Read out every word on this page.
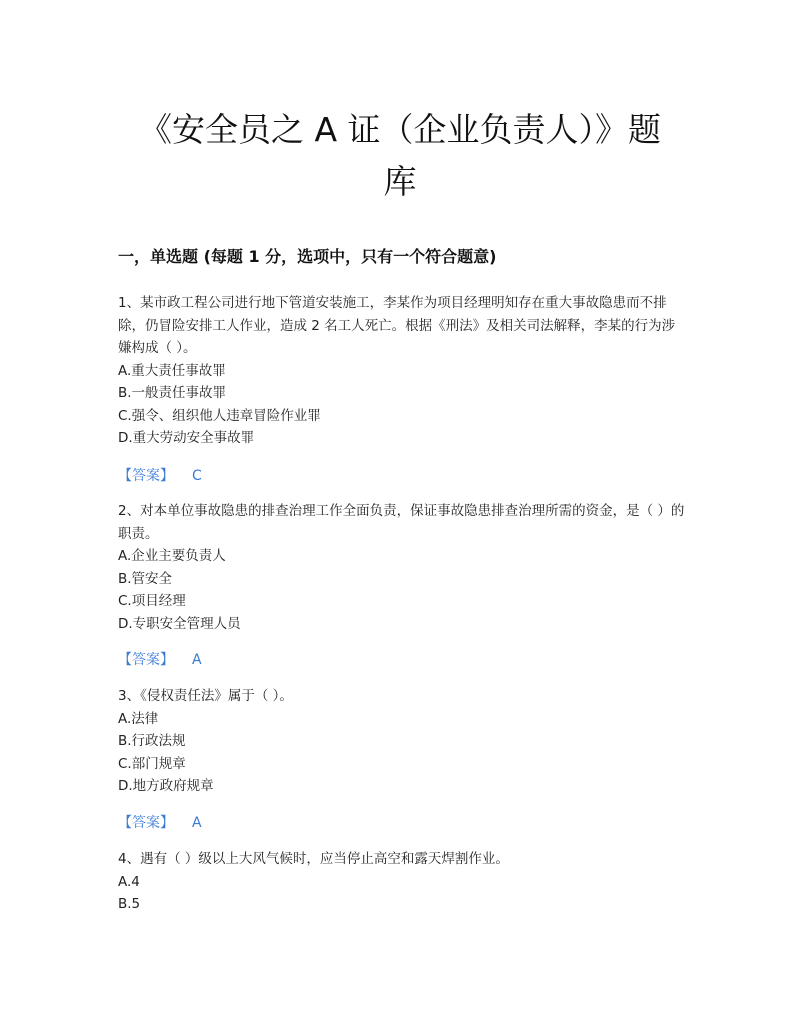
《安全员之 A 证（企业负责人）》题
库
一，单选题 (每题 1 分，选项中，只有一个符合题意)

1、某市政工程公司进行地下管道安装施工，李某作为项目经理明知存在重大事故隐患而不排除，仍冒险安排工人作业，造成 2 名工人死亡。根据《刑法》及相关司法解释，李某的行为涉嫌构成（ ）。

A.重大责任事故罪
B.一般责任事故罪
C.强令、组织他人违章冒险作业罪
D.重大劳动安全事故罪
【答案】 C

2、对本单位事故隐患的排查治理工作全面负责，保证事故隐患排查治理所需的资金，是（ ）的职责。

A.企业主要负责人
B.管安全
C.项目经理
D.专职安全管理人员
【答案】 A

3、《侵权责任法》属于（ ）。

A.法律
B.行政法规
C.部门规章
D.地方政府规章
【答案】 A

4、遇有（ ）级以上大风气候时，应当停止高空和露天焊割作业。

A.4
B.5
